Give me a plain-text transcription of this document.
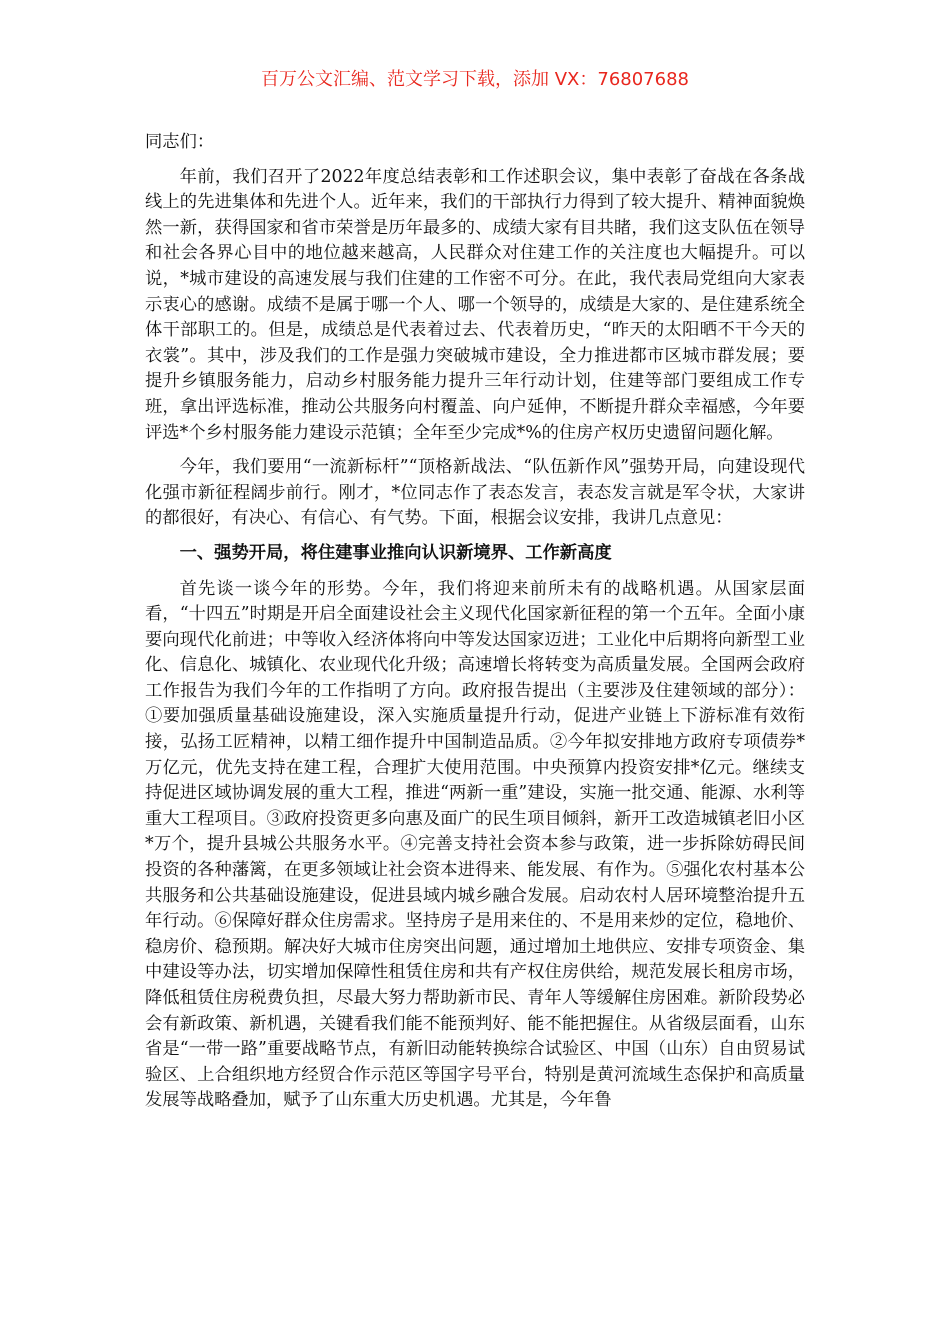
百万公文汇编、范文学习下载，添加 VX：76807688

同志们：

年前，我们召开了2022年度总结表彰和工作述职会议，集中表彰了奋战在各条战线上的先进集体和先进个人。近年来，我们的干部执行力得到了较大提升、精神面貌焕然一新，获得国家和省市荣誉是历年最多的、成绩大家有目共睹，我们这支队伍在领导和社会各界心目中的地位越来越高，人民群众对住建工作的关注度也大幅提升。可以说，*城市建设的高速发展与我们住建的工作密不可分。在此，我代表局党组向大家表示衷心的感谢。成绩不是属于哪一个人、哪一个领导的，成绩是大家的、是住建系统全体干部职工的。但是，成绩总是代表着过去、代表着历史，“昨天的太阳晒不干今天的衣裳”。其中，涉及我们的工作是强力突破城市建设，全力推进都市区城市群发展；要提升乡镇服务能力，启动乡村服务能力提升三年行动计划，住建等部门要组成工作专班，拿出评选标准，推动公共服务向村覆盖、向户延伸，不断提升群众幸福感，今年要评选*个乡村服务能力建设示范镇；全年至少完成*%的住房产权历史遗留问题化解。

今年，我们要用“一流新标杆”“顶格新战法、“队伍新作风”强势开局，向建设现代化强市新征程阔步前行。刚才，*位同志作了表态发言，表态发言就是军令状，大家讲的都很好，有决心、有信心、有气势。下面，根据会议安排，我讲几点意见：

一、强势开局，将住建事业推向认识新境界、工作新高度

首先谈一谈今年的形势。今年，我们将迎来前所未有的战略机遇。从国家层面看，“十四五”时期是开启全面建设社会主义现代化国家新征程的第一个五年。全面小康要向现代化前进；中等收入经济体将向中等发达国家迈进；工业化中后期将向新型工业化、信息化、城镇化、农业现代化升级；高速增长将转变为高质量发展。全国两会政府工作报告为我们今年的工作指明了方向。政府报告提出（主要涉及住建领域的部分）：①要加强质量基础设施建设，深入实施质量提升行动，促进产业链上下游标准有效衔接，弘扬工匠精神，以精工细作提升中国制造品质。②今年拟安排地方政府专项债券*万亿元，优先支持在建工程，合理扩大使用范围。中央预算内投资安排*亿元。继续支持促进区域协调发展的重大工程，推进“两新一重”建设，实施一批交通、能源、水利等重大工程项目。③政府投资更多向惠及面广的民生项目倾斜，新开工改造城镇老旧小区*万个，提升县城公共服务水平。④完善支持社会资本参与政策，进一步拆除妨碍民间投资的各种藩篱，在更多领域让社会资本进得来、能发展、有作为。⑤强化农村基本公共服务和公共基础设施建设，促进县域内城乡融合发展。启动农村人居环境整治提升五年行动。⑥保障好群众住房需求。坚持房子是用来住的、不是用来炒的定位，稳地价、稳房价、稳预期。解决好大城市住房突出问题，通过增加土地供应、安排专项资金、集中建设等办法，切实增加保障性租赁住房和共有产权住房供给，规范发展长租房市场，降低租赁住房税费负担，尽最大努力帮助新市民、青年人等缓解住房困难。新阶段势必会有新政策、新机遇，关键看我们能不能预判好、能不能把握住。从省级层面看，山东省是“一带一路”重要战略节点，有新旧动能转换综合试验区、中国（山东）自由贸易试验区、上合组织地方经贸合作示范区等国字号平台，特别是黄河流域生态保护和高质量发展等战略叠加，赋予了山东重大历史机遇。尤其是，今年鲁
